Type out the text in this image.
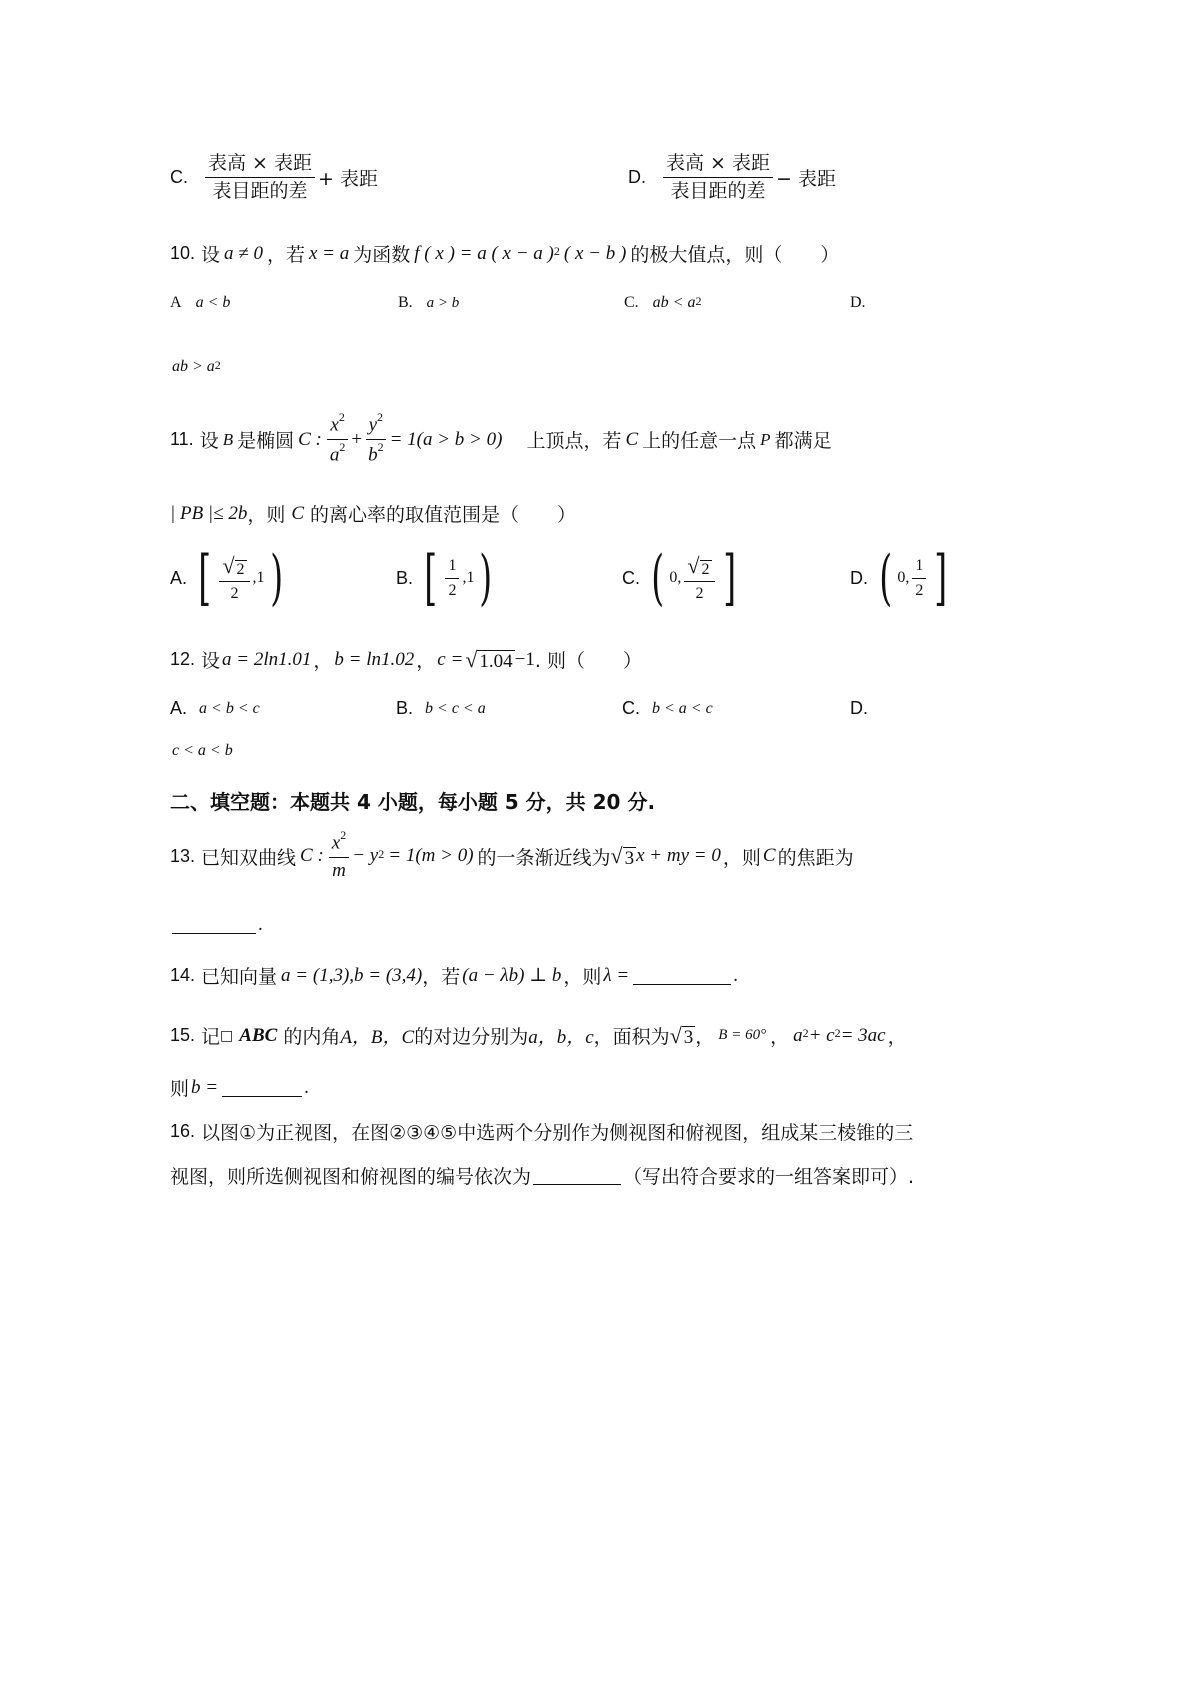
C. $\frac{\text{表高 × 表距}}{\text{表目距的差}}$ + 表距	D. $\frac{\text{表高 × 表距}}{\text{表目距的差}}$ − 表距
10. 设 a ≠ 0 ，若 x = a 为函数 f ( x ) = a ( x − a ) 2 ( x − b ) 的极大值点，则（　　）
A a < b	B. a > b	C. ab < a 2	D.
ab > a 2
11. 设 B 是椭圆 C : $\frac{x^2}{a^2} + \frac{y^2}{b^2} = 1(a > b > 0)$ 上顶点，若 C 上的任意一点 P 都满足
| PB |≤ 2b ，则 C 的离心率的取值范围是（　　）
A. [ $\frac{√ 2}{2} ,1$ )	B. [ $\frac{1}{2} ,1$ )	C. ( 0, $\frac{√ 2}{2}$ ]	D. ( 0, $\frac{1}{2}$ ]
12. 设 a = 2ln1.01 ， b = ln1.02 ， c = √ 1.04 −1 . 则（　　）
A. a < b < c	B. b < c < a	C. b < a < c	D.
c < a < b
二、填空题：本题共 4 小题，每小题 5 分，共 20 分.
13. 已知双曲线 C : $\frac{x^2}{m} - y$ 2 = 1(m > 0) 的一条渐近线为 √ 3 x + my = 0 ，则 C 的焦距为
.
14. 已知向量 a = (1,3), b = (3,4) ，若 (a − λb) ⊥ b ，则 λ =	.
15. 记 □ ABC 的内角 A，B，C 的对边分别为 a，b，c ，面积为 √ 3 ， B = 60° ， a 2 + c 2 = 3ac ，
则 b =	.
16. 以图①为正视图，在图②③④⑤中选两个分别作为侧视图和俯视图，组成某三棱锥的三
视图，则所选侧视图和俯视图的编号依次为	（写出符合要求的一组答案即可）.
